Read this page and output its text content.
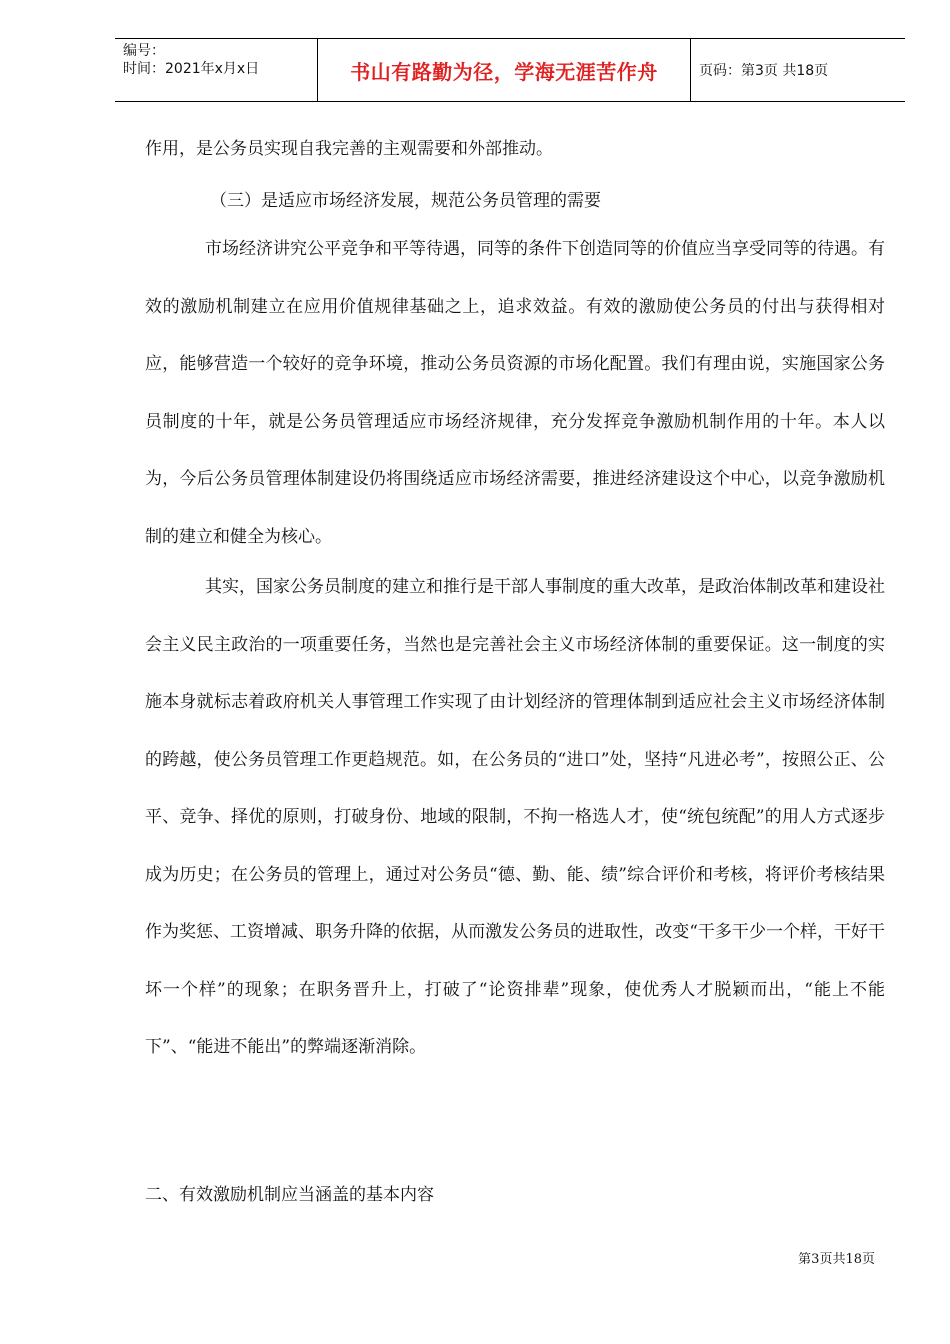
编号：
时间：2021年x月x日	书山有路勤为径，学海无涯苦作舟	页码：第3页 共18页

作用，是公务员实现自我完善的主观需要和外部推动。

（三）是适应市场经济发展，规范公务员管理的需要

市场经济讲究公平竞争和平等待遇，同等的条件下创造同等的价值应当享受同等的待遇。有效的激励机制建立在应用价值规律基础之上，追求效益。有效的激励使公务员的付出与获得相对应，能够营造一个较好的竞争环境，推动公务员资源的市场化配置。我们有理由说，实施国家公务员制度的十年，就是公务员管理适应市场经济规律，充分发挥竞争激励机制作用的十年。本人以为，今后公务员管理体制建设仍将围绕适应市场经济需要，推进经济建设这个中心，以竞争激励机制的建立和健全为核心。

其实，国家公务员制度的建立和推行是干部人事制度的重大改革，是政治体制改革和建设社会主义民主政治的一项重要任务，当然也是完善社会主义市场经济体制的重要保证。这一制度的实施本身就标志着政府机关人事管理工作实现了由计划经济的管理体制到适应社会主义市场经济体制的跨越，使公务员管理工作更趋规范。如，在公务员的“进口”处，坚持“凡进必考”，按照公正、公平、竞争、择优的原则，打破身份、地域的限制，不拘一格选人才，使“统包统配”的用人方式逐步成为历史；在公务员的管理上，通过对公务员“德、勤、能、绩”综合评价和考核，将评价考核结果作为奖惩、工资增减、职务升降的依据，从而激发公务员的进取性，改变“干多干少一个样，干好干坏一个样”的现象；在职务晋升上，打破了“论资排辈”现象，使优秀人才脱颖而出，“能上不能下”、“能进不能出”的弊端逐渐消除。

二、有效激励机制应当涵盖的基本内容

第3页共18页
